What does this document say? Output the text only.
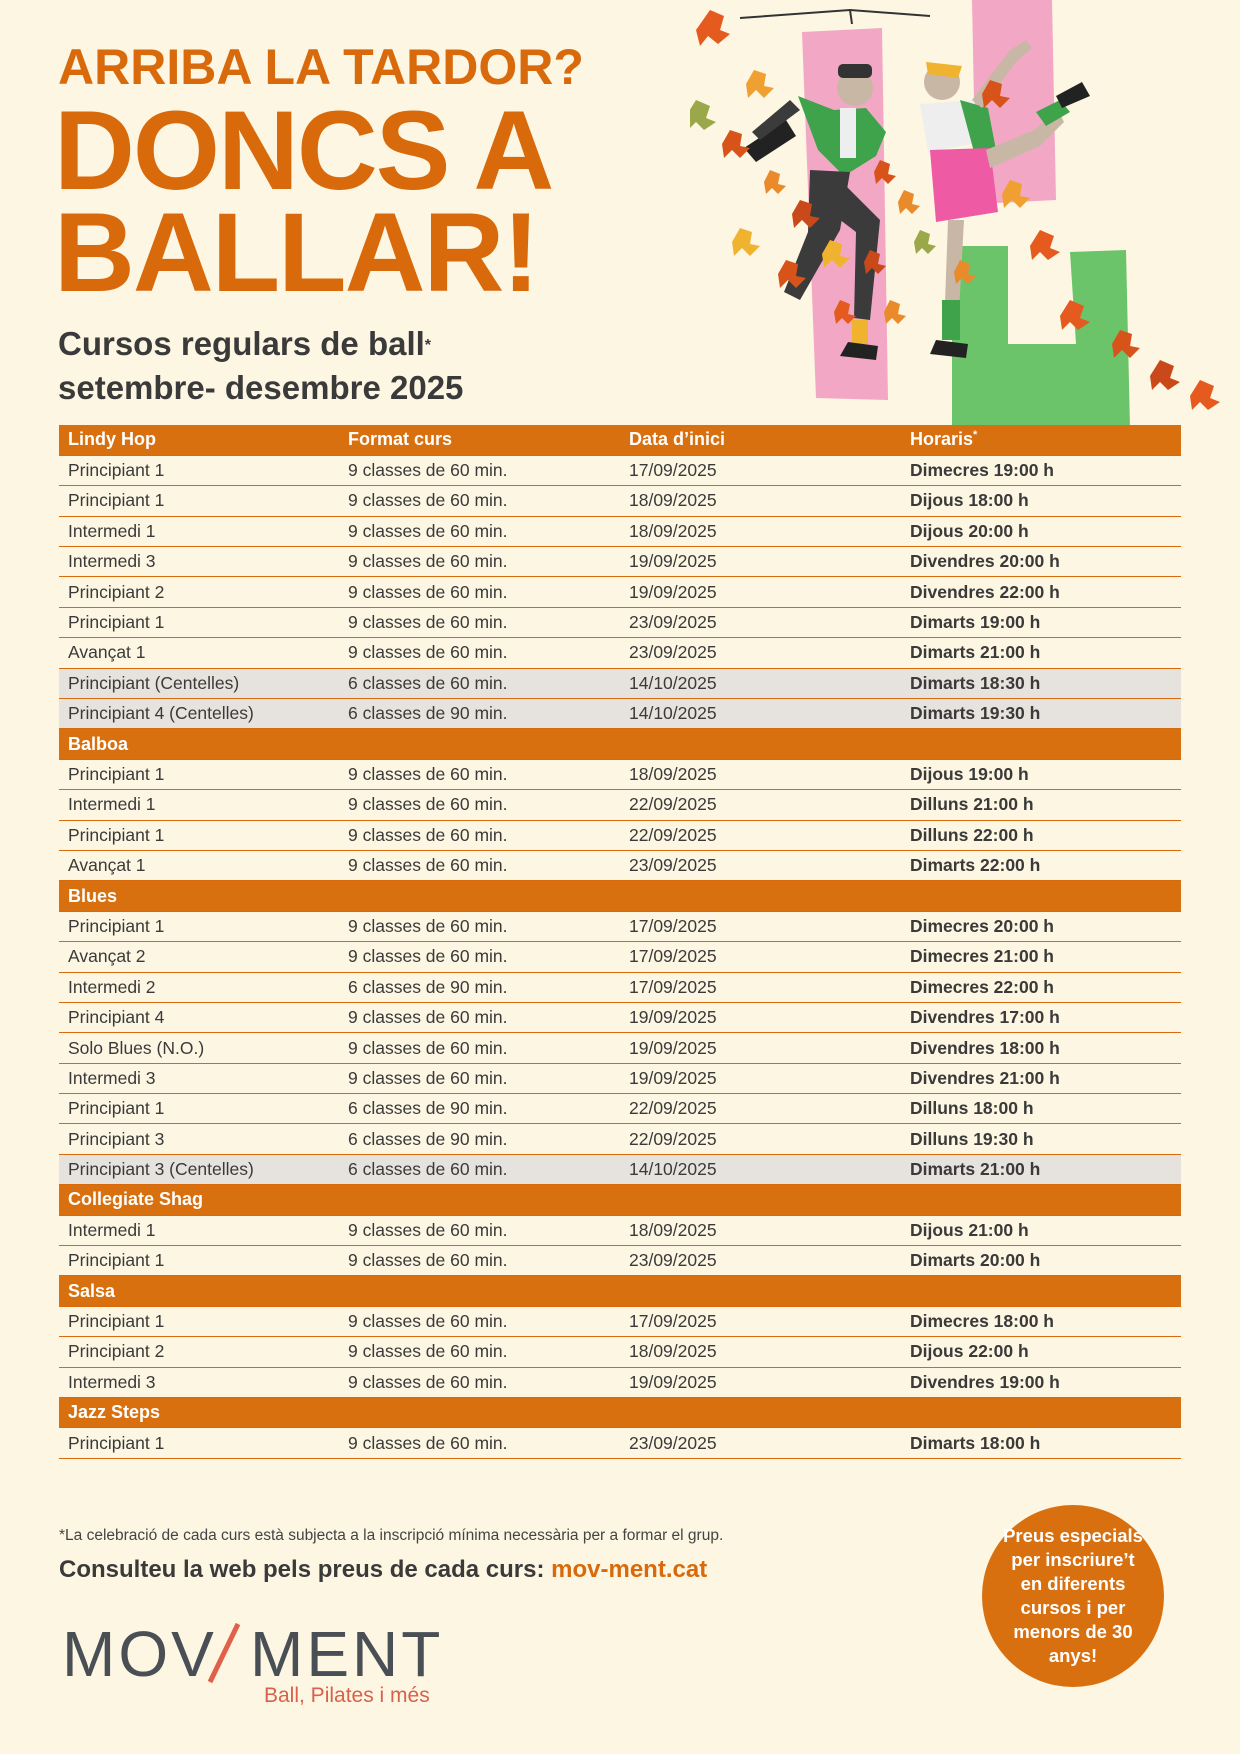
ARRIBA LA TARDOR?
DONCS A BALLAR!
Cursos regulars de ball*
setembre- desembre 2025
Lindy Hop	Format curs	Data d’inici	Horaris*
Principiant 1	9 classes de 60 min.	17/09/2025	Dimecres 19:00 h
Principiant 1	9 classes de 60 min.	18/09/2025	Dijous 18:00 h
Intermedi 1	9 classes de 60 min.	18/09/2025	Dijous 20:00 h
Intermedi 3	9 classes de 60 min.	19/09/2025	Divendres 20:00 h
Principiant 2	9 classes de 60 min.	19/09/2025	Divendres 22:00 h
Principiant 1	9 classes de 60 min.	23/09/2025	Dimarts 19:00 h
Avançat 1	9 classes de 60 min.	23/09/2025	Dimarts 21:00 h
Principiant (Centelles)	6 classes de 60 min.	14/10/2025	Dimarts 18:30 h
Principiant 4 (Centelles)	6 classes de 90 min.	14/10/2025	Dimarts 19:30 h
Balboa			
Principiant 1	9 classes de 60 min.	18/09/2025	Dijous 19:00 h
Intermedi 1	9 classes de 60 min.	22/09/2025	Dilluns 21:00 h
Principiant 1	9 classes de 60 min.	22/09/2025	Dilluns 22:00 h
Avançat 1	9 classes de 60 min.	23/09/2025	Dimarts 22:00 h
Blues			
Principiant 1	9 classes de 60 min.	17/09/2025	Dimecres 20:00 h
Avançat 2	9 classes de 60 min.	17/09/2025	Dimecres 21:00 h
Intermedi 2	6 classes de 90 min.	17/09/2025	Dimecres 22:00 h
Principiant 4	9 classes de 60 min.	19/09/2025	Divendres 17:00 h
Solo Blues (N.O.)	9 classes de 60 min.	19/09/2025	Divendres 18:00 h
Intermedi 3	9 classes de 60 min.	19/09/2025	Divendres 21:00 h
Principiant 1	6 classes de 90 min.	22/09/2025	Dilluns 18:00 h
Principiant 3	6 classes de 90 min.	22/09/2025	Dilluns 19:30 h
Principiant 3 (Centelles)	6 classes de 60 min.	14/10/2025	Dimarts 21:00 h
Collegiate Shag			
Intermedi 1	9 classes de 60 min.	18/09/2025	Dijous 21:00 h
Principiant 1	9 classes de 60 min.	23/09/2025	Dimarts 20:00 h
Salsa			
Principiant 1	9 classes de 60 min.	17/09/2025	Dimecres 18:00 h
Principiant 2	9 classes de 60 min.	18/09/2025	Dijous 22:00 h
Intermedi 3	9 classes de 60 min.	19/09/2025	Divendres 19:00 h
Jazz Steps			
Principiant 1	9 classes de 60 min.	23/09/2025	Dimarts 18:00 h
*La celebració de cada curs està subjecta a la inscripció mínima necessària per a formar el grup.
Consulteu la web pels preus de cada curs: mov-ment.cat
MOV MENT
Ball, Pilates i més
Preus especials per inscriure’t en diferents cursos i per menors de 30 anys!
